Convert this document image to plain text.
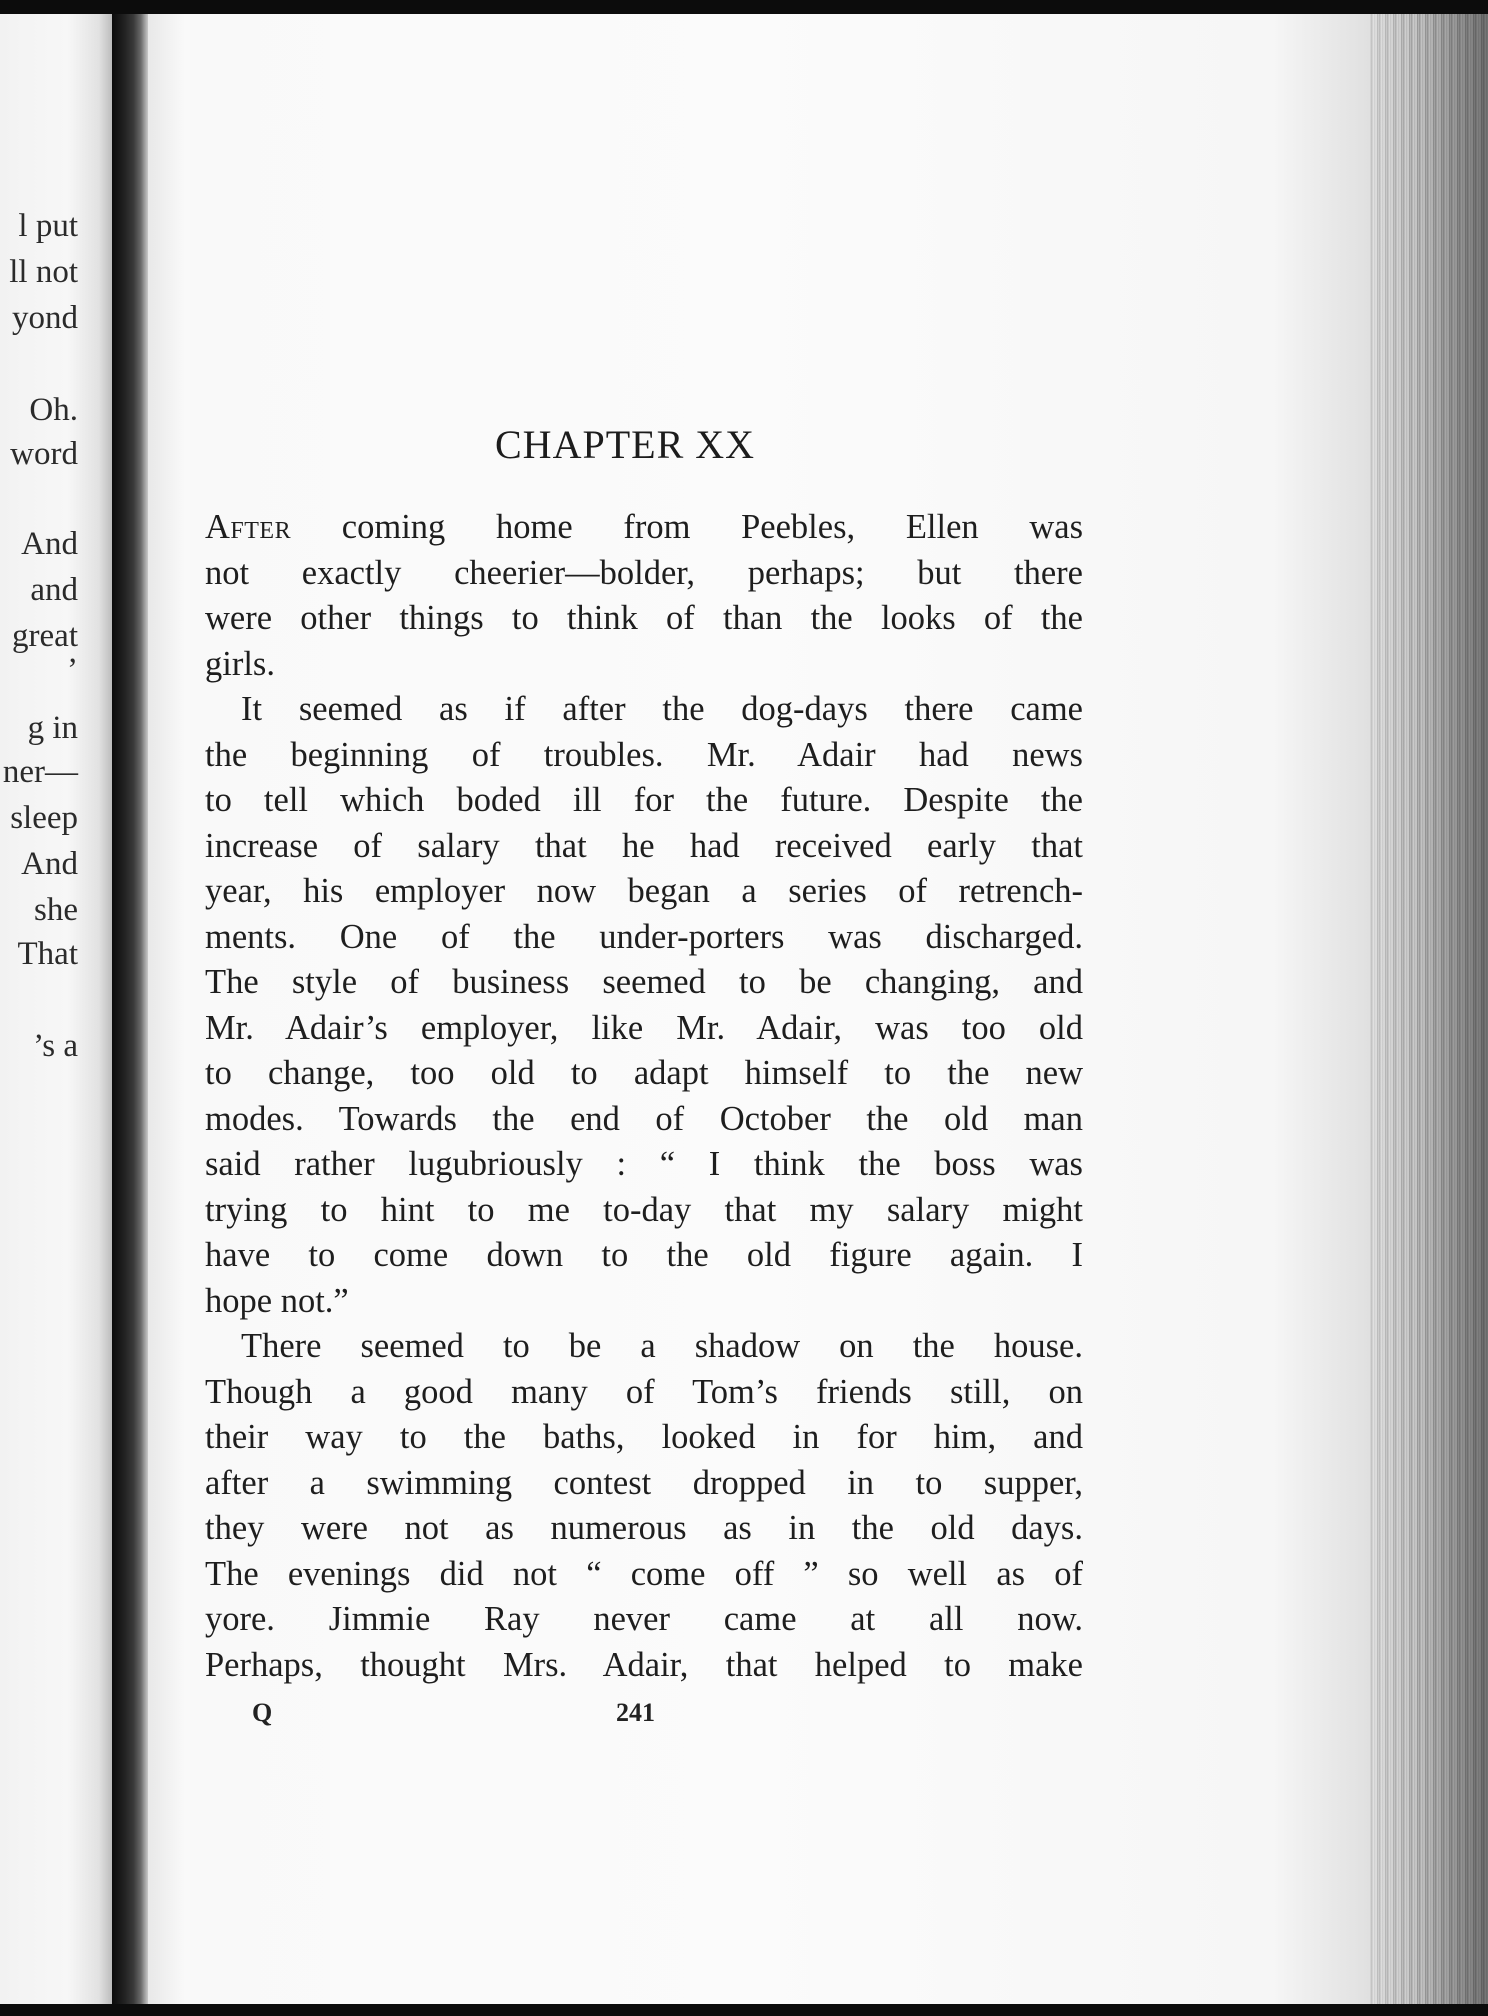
l put
ll not
yond
Oh.
word
And
and
great
’
g in
ner—
sleep
And
she
That
’s a
CHAPTER XX
After coming home from Peebles, Ellen was
not exactly cheerier—bolder, perhaps; but there
were other things to think of than the looks of the
girls.
It seemed as if after the dog-days there came
the beginning of troubles. Mr. Adair had news
to tell which boded ill for the future. Despite the
increase of salary that he had received early that
year, his employer now began a series of retrench-
ments. One of the under-porters was discharged.
The style of business seemed to be changing, and
Mr. Adair’s employer, like Mr. Adair, was too old
to change, too old to adapt himself to the new
modes. Towards the end of October the old man
said rather lugubriously : “ I think the boss was
trying to hint to me to-day that my salary might
have to come down to the old figure again. I
hope not.”
There seemed to be a shadow on the house.
Though a good many of Tom’s friends still, on
their way to the baths, looked in for him, and
after a swimming contest dropped in to supper,
they were not as numerous as in the old days.
The evenings did not “ come off ” so well as of
yore. Jimmie Ray never came at all now.
Perhaps, thought Mrs. Adair, that helped to make
Q	241
